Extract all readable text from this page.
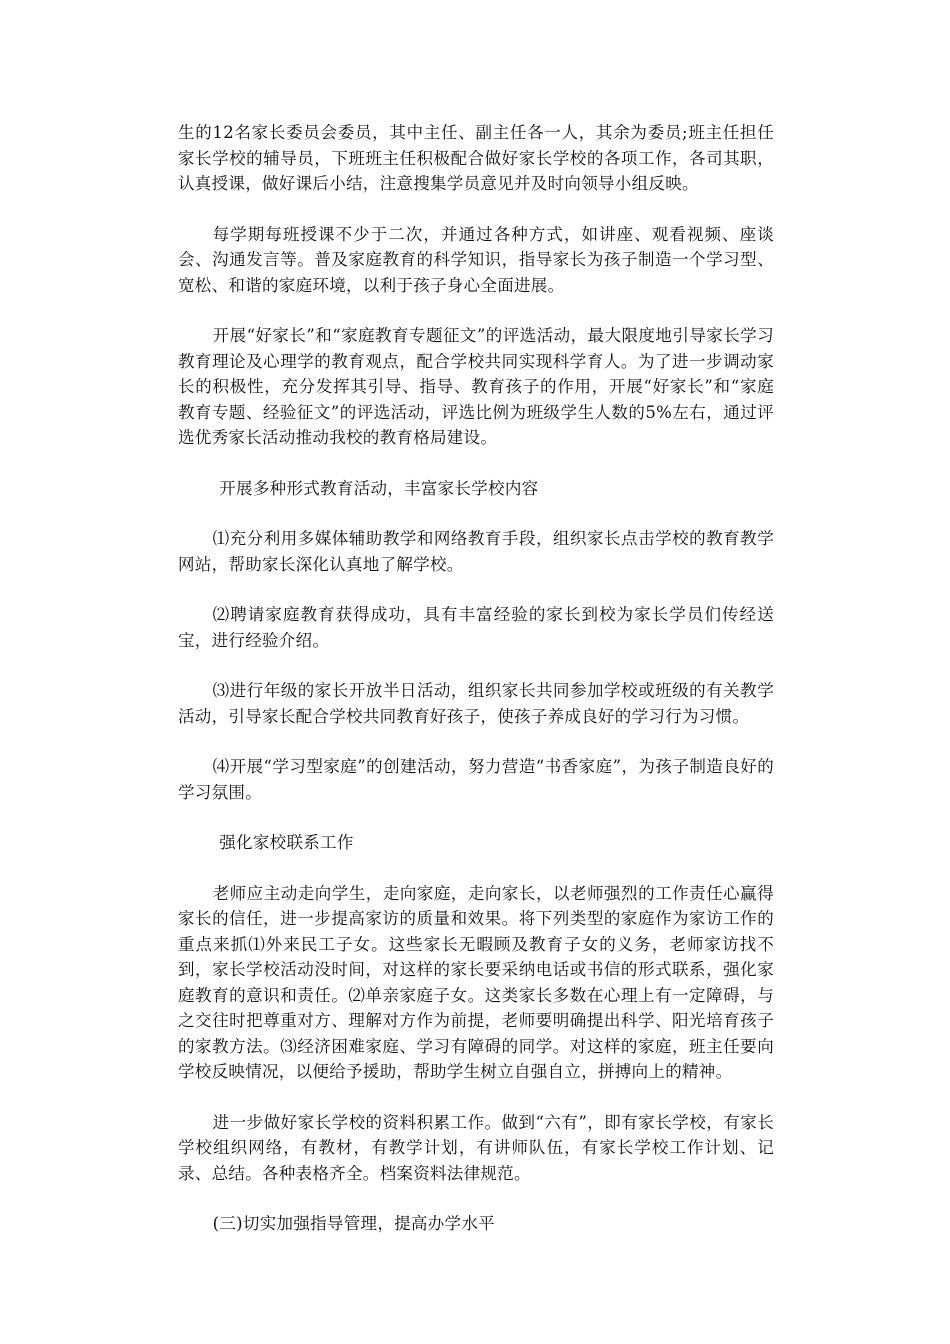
生的12名家长委员会委员，其中主任、副主任各一人，其余为委员;班主任担任家长学校的辅导员，下班班主任积极配合做好家长学校的各项工作，各司其职，认真授课，做好课后小结，注意搜集学员意见并及时向领导小组反映。

每学期每班授课不少于二次，并通过各种方式，如讲座、观看视频、座谈会、沟通发言等。普及家庭教育的科学知识，指导家长为孩子制造一个学习型、宽松、和谐的家庭环境，以利于孩子身心全面进展。

开展“好家长”和“家庭教育专题征文”的评选活动，最大限度地引导家长学习教育理论及心理学的教育观点，配合学校共同实现科学育人。为了进一步调动家长的积极性，充分发挥其引导、指导、教育孩子的作用，开展“好家长”和“家庭教育专题、经验征文”的评选活动，评选比例为班级学生人数的5%左右，通过评选优秀家长活动推动我校的教育格局建设。

开展多种形式教育活动，丰富家长学校内容

⑴充分利用多媒体辅助教学和网络教育手段，组织家长点击学校的教育教学网站，帮助家长深化认真地了解学校。

⑵聘请家庭教育获得成功，具有丰富经验的家长到校为家长学员们传经送宝，进行经验介绍。

⑶进行年级的家长开放半日活动，组织家长共同参加学校或班级的有关教学活动，引导家长配合学校共同教育好孩子，使孩子养成良好的学习行为习惯。

⑷开展“学习型家庭”的创建活动，努力营造“书香家庭”，为孩子制造良好的学习氛围。

强化家校联系工作

老师应主动走向学生，走向家庭，走向家长，以老师强烈的工作责任心赢得家长的信任，进一步提高家访的质量和效果。将下列类型的家庭作为家访工作的重点来抓⑴外来民工子女。这些家长无暇顾及教育子女的义务，老师家访找不到，家长学校活动没时间，对这样的家长要采纳电话或书信的形式联系，强化家庭教育的意识和责任。⑵单亲家庭子女。这类家长多数在心理上有一定障碍，与之交往时把尊重对方、理解对方作为前提，老师要明确提出科学、阳光培育孩子的家教方法。⑶经济困难家庭、学习有障碍的同学。对这样的家庭，班主任要向学校反映情况，以便给予援助，帮助学生树立自强自立，拼搏向上的精神。

进一步做好家长学校的资料积累工作。做到“六有”，即有家长学校，有家长学校组织网络，有教材，有教学计划，有讲师队伍，有家长学校工作计划、记录、总结。各种表格齐全。档案资料法律规范。

(三)切实加强指导管理，提高办学水平
